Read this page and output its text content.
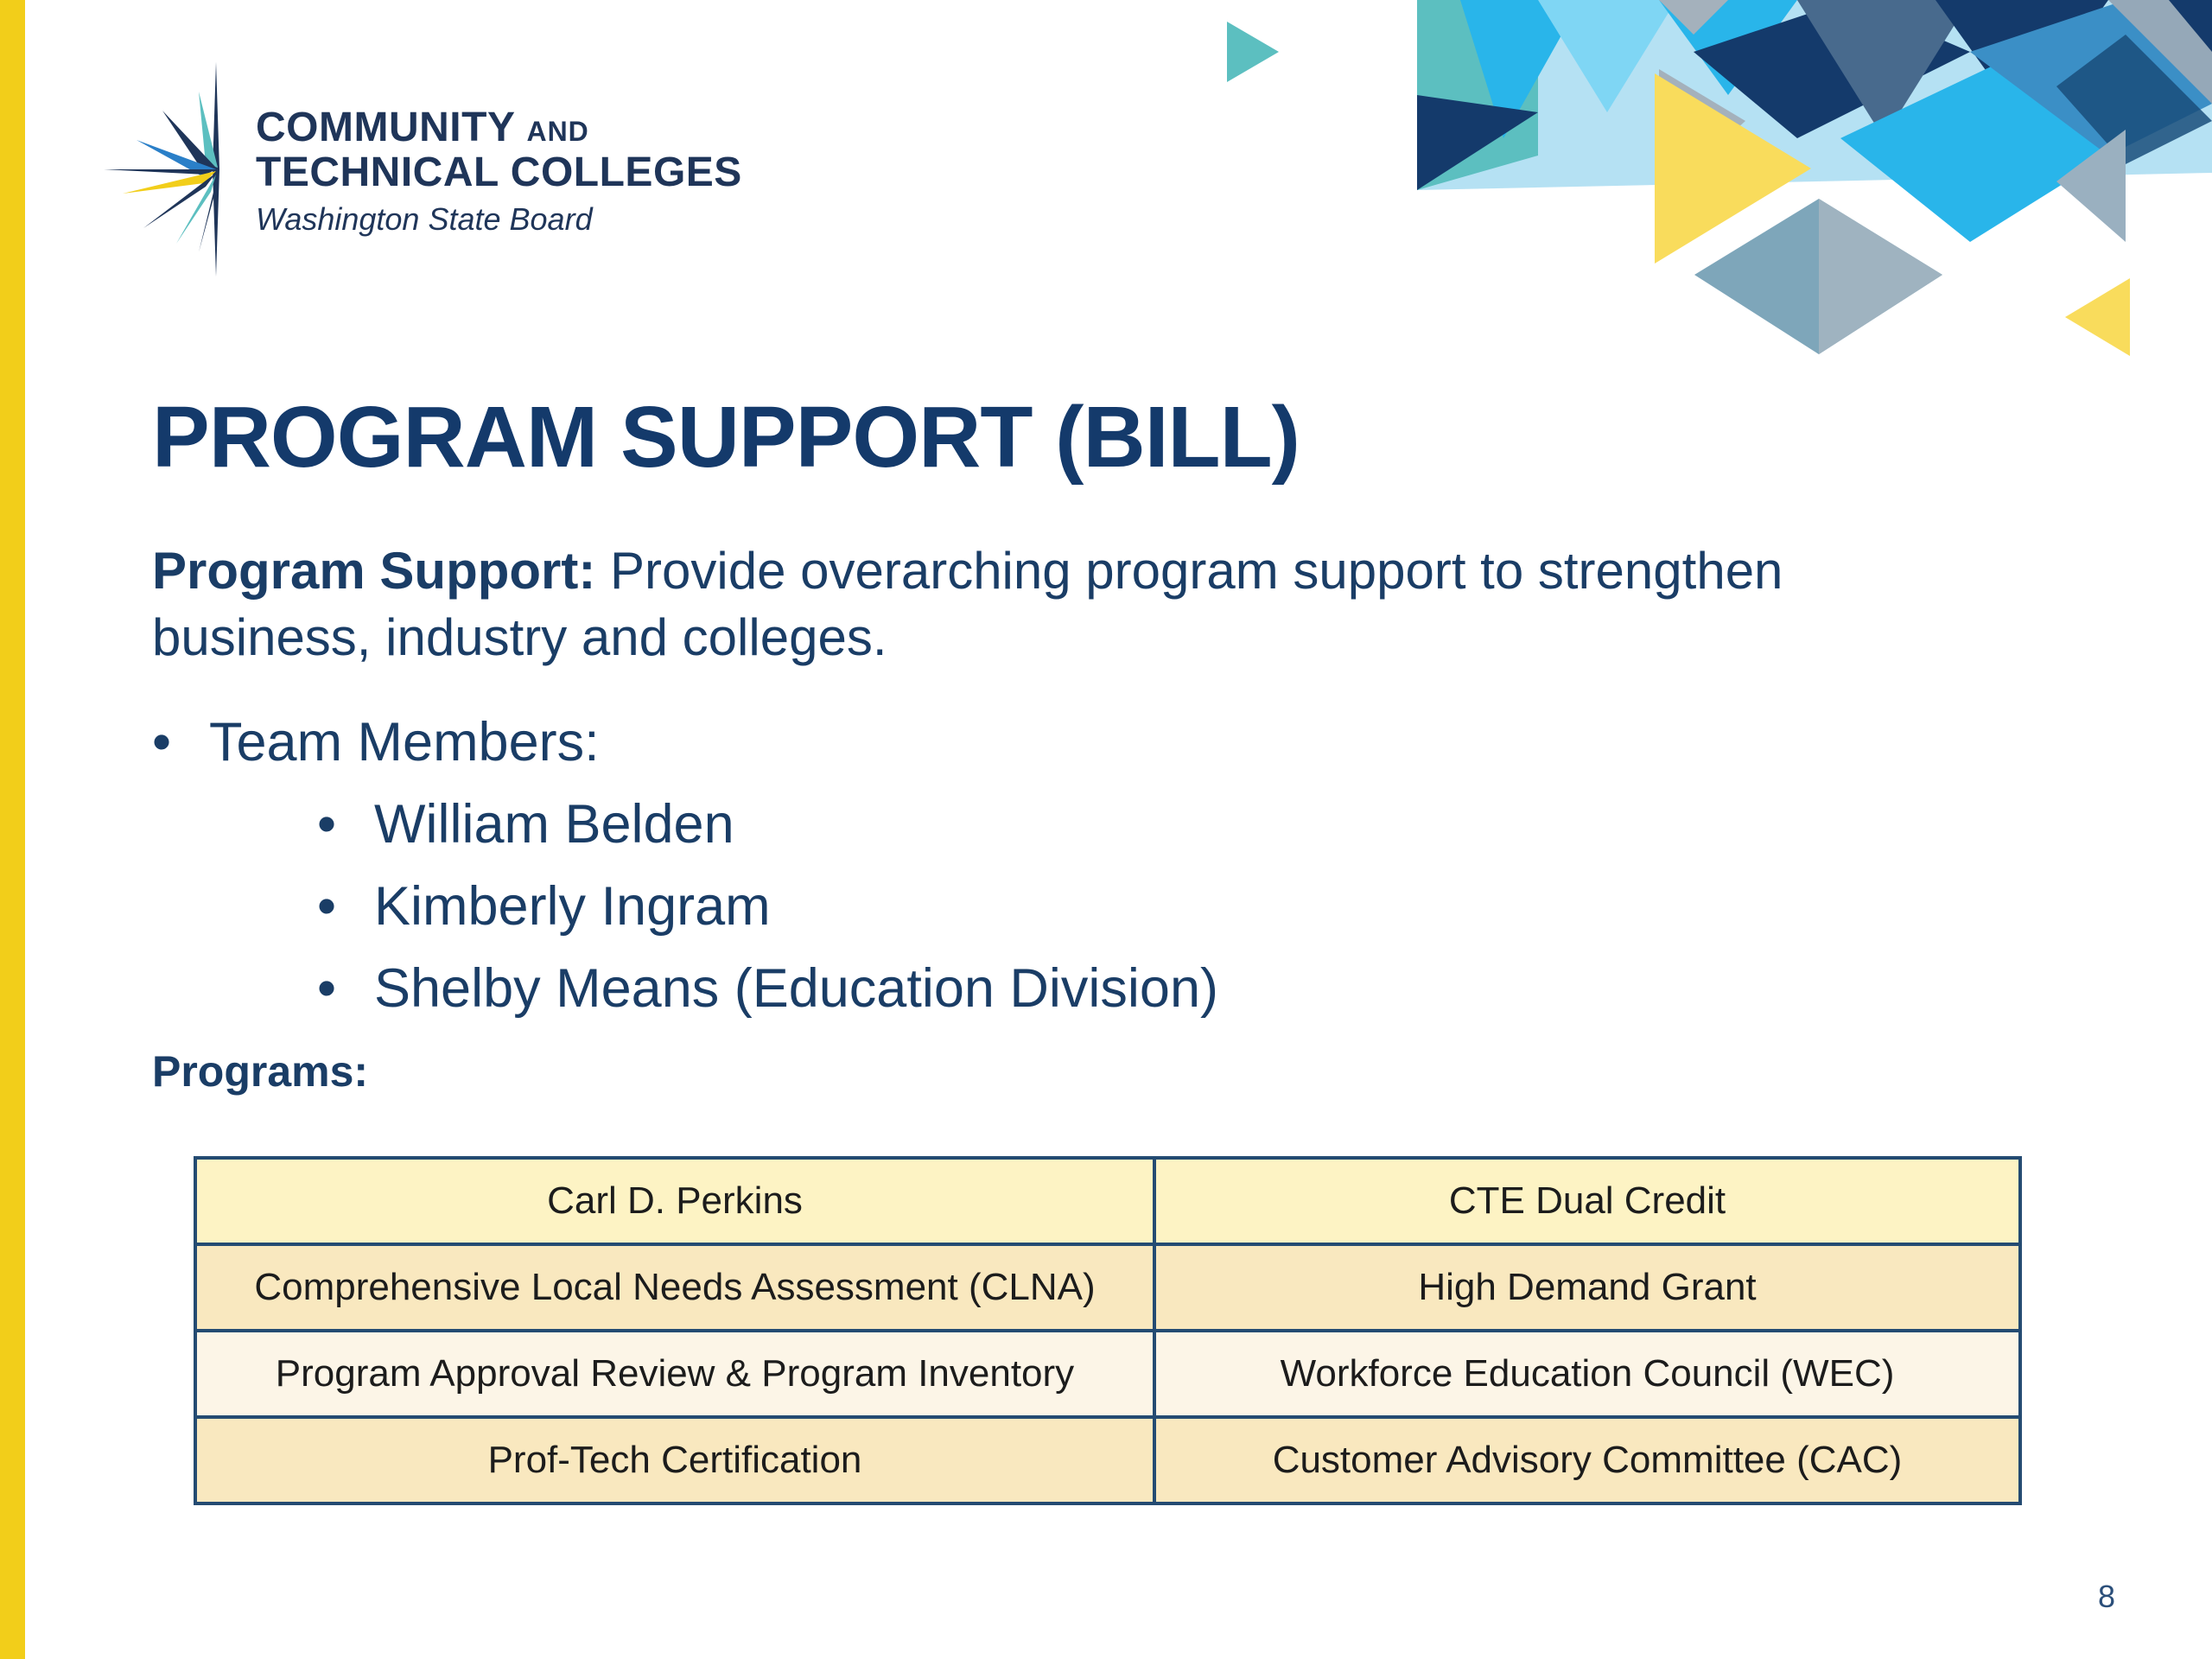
COMMUNITY AND
TECHNICAL COLLEGES
Washington State Board
PROGRAM SUPPORT (BILL)
Program Support: Provide overarching program support to strengthen business, industry and colleges.
• Team Members:
• William Belden
• Kimberly Ingram
• Shelby Means (Education Division)
Programs:
Carl D. Perkins	CTE Dual Credit
Comprehensive Local Needs Assessment (CLNA)	High Demand Grant
Program Approval Review & Program Inventory	Workforce Education Council (WEC)
Prof-Tech Certification	Customer Advisory Committee (CAC)
8
